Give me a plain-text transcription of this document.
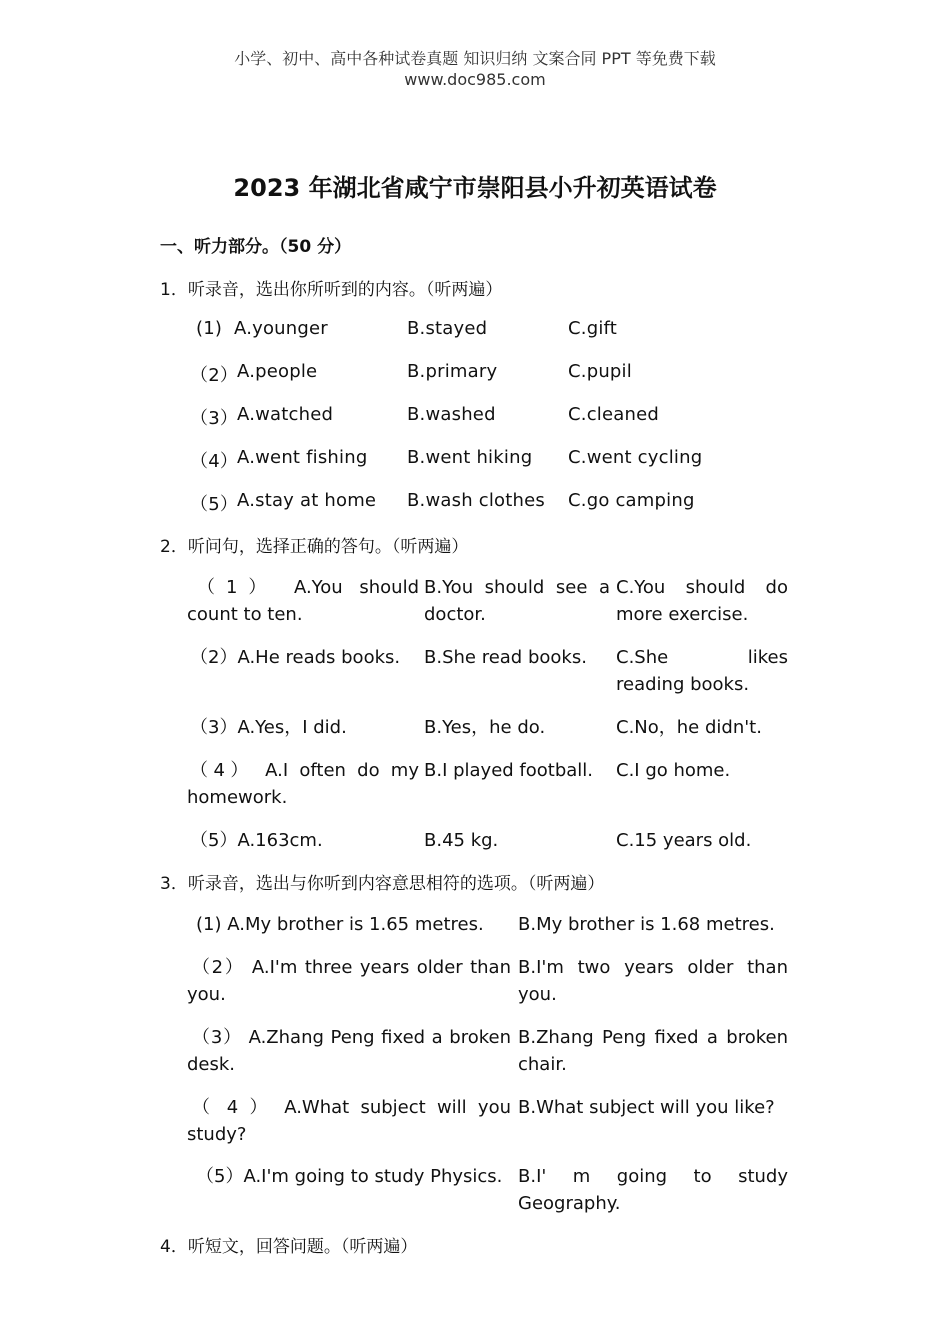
小学、初中、高中各种试卷真题 知识归纳 文案合同 PPT 等免费下载
www.doc985.com
2023 年湖北省咸宁市崇阳县小升初英语试卷
一、听力部分。（50 分）
1．听录音，选出你所听到的内容。（听两遍）
(1) A.younger	B.stayed	C.gift
（2）
A.people	B.primary	C.pupil
（3）
A.watched	B.washed	C.cleaned
（4）
A.went fishing B.went hiking C.went cycling
（5）
A.stay at home B.wash clothes C.go camping
2．听问句，选择正确的答句。（听两遍）
（1） A.You should count to ten.
B.You should see a doctor.
C.You should do more exercise.
（2）A.He reads books.	B.She read books.	C.She likes reading books.
（3）A.Yes，I did.	B.Yes，he do.	C.No，he didn't.
（4） A.I often do my homework.
B.I played football.	C.I go home.
（5）A.163cm.	B.45 kg.	C.15 years old.
3．听录音，选出与你听到内容意思相符的选项。（听两遍）
(1) A.My brother is 1.65 metres.	B.My brother is 1.68 metres.
（2） A.I'm three years older than you.
B.I'm two years older than you.
（3） A.Zhang Peng fixed a broken desk.
B.Zhang Peng fixed a broken chair.
（ 4 ） A.What subject will you study?
B.What subject will you like?
（5）A.I'm going to study Physics. B.I' m going to study Geography.
4．听短文，回答问题。（听两遍）
